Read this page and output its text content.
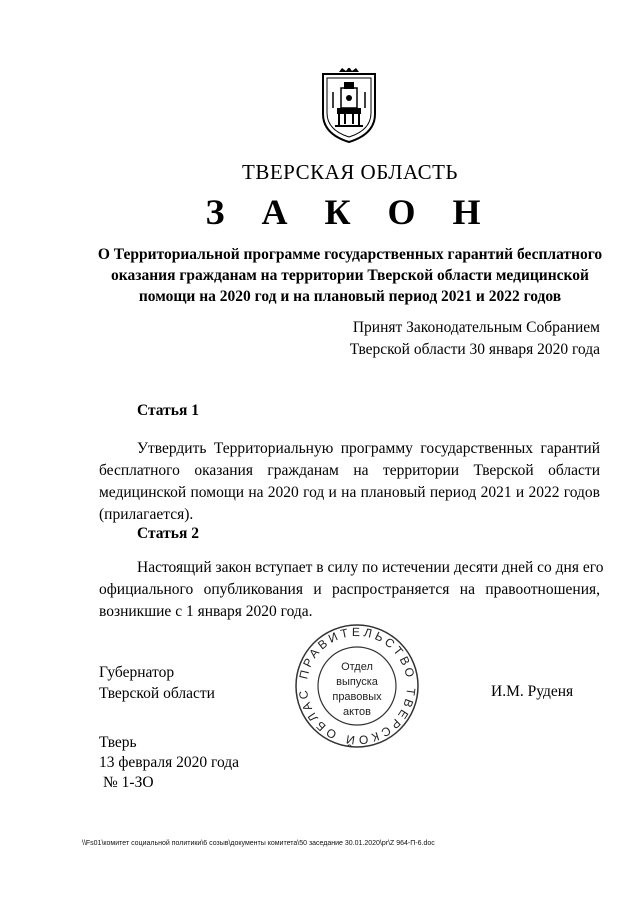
ТВЕРСКАЯ ОБЛАСТЬ
З А К О Н
О Территориальной программе государственных гарантий бесплатного
оказания гражданам на территории Тверской области медицинской
помощи на 2020 год и на плановый период 2021 и 2022 годов
Принят Законодательным Собранием
Тверской области 30 января 2020 года
Статья 1
Утвердить Территориальную программу государственных гарантий
бесплатного оказания гражданам на территории Тверской области
медицинской помощи на 2020 год и на плановый период 2021 и 2022 годов
(прилагается).
Статья 2
Настоящий закон вступает в силу по истечении десяти дней со дня его
официального опубликования и распространяется на правоотношения,
возникшие с 1 января 2020 года.
Губернатор
Тверской области
ПРАВИТЕЛЬСТВО ТВЕРСКОЙ ОБЛАС
Отдел
выпуска
правовых
актов
И.М. Руденя
Тверь
13 февраля 2020 года
№ 1-ЗО
\\Fs01\комитет социальной политики\6 созыв\документы комитета\50 заседание 30.01.2020\pr\Z 964-П-6.doc
